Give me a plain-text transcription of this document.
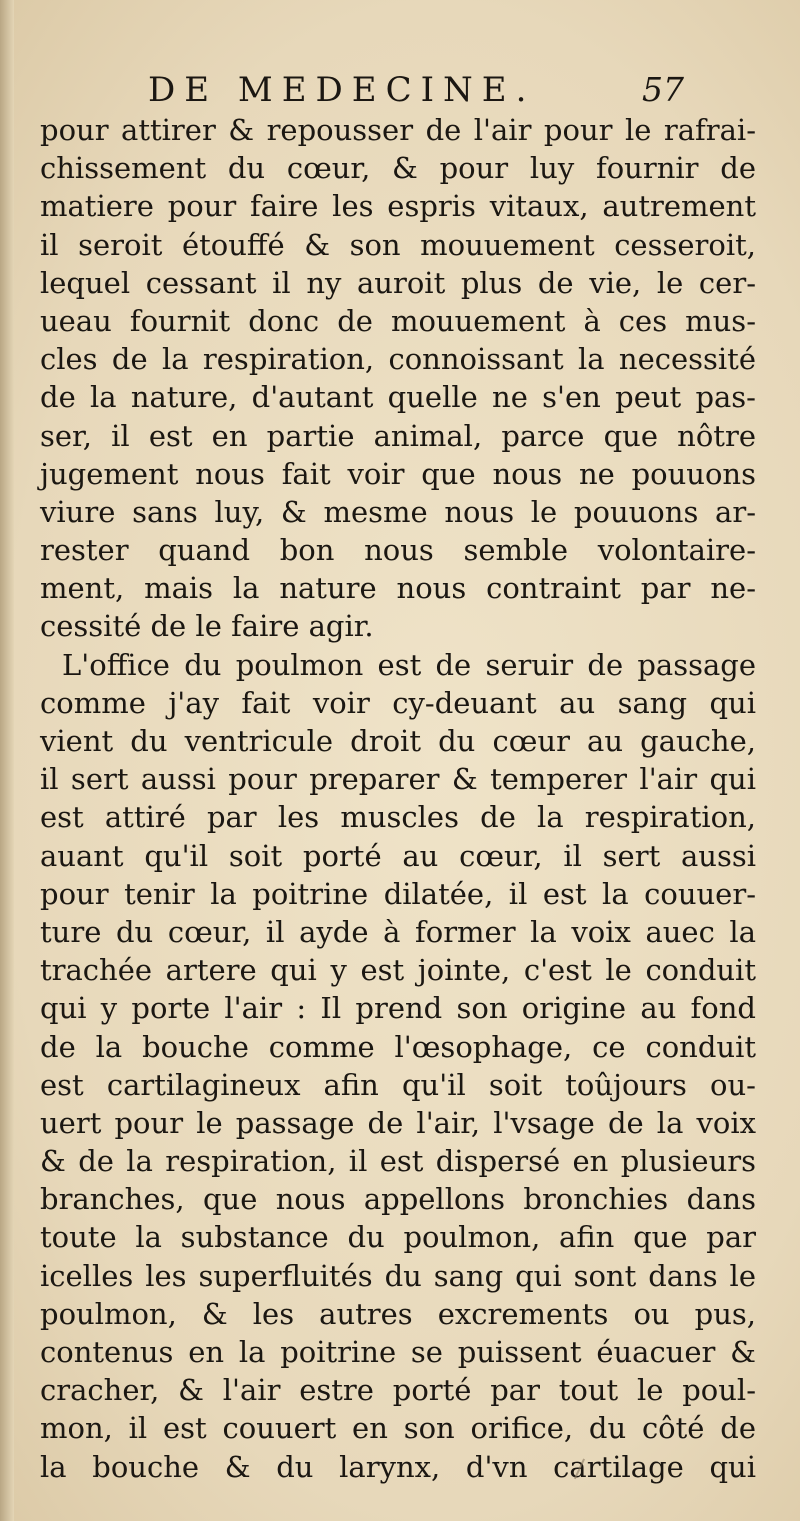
DE MEDECINE.	57
pour attirer & repousser de l'air pour le rafrai-
chissement du cœur, & pour luy fournir de
matiere pour faire les espris vitaux, autrement
il seroit étouffé & son mouuement cesseroit,
lequel cessant il ny auroit plus de vie, le cer-
ueau fournit donc de mouuement à ces mus-
cles de la respiration, connoissant la necessité
de la nature, d'autant quelle ne s'en peut pas-
ser, il est en partie animal, parce que nôtre
jugement nous fait voir que nous ne pouuons
viure sans luy, & mesme nous le pouuons ar-
rester quand bon nous semble volontaire-
ment, mais la nature nous contraint par ne-
cessité de le faire agir.
L'office du poulmon est de seruir de passage
comme j'ay fait voir cy-deuant au sang qui
vient du ventricule droit du cœur au gauche,
il sert aussi pour preparer & temperer l'air qui
est attiré par les muscles de la respiration,
auant qu'il soit porté au cœur, il sert aussi
pour tenir la poitrine dilatée, il est la couuer-
ture du cœur, il ayde à former la voix auec la
trachée artere qui y est jointe, c'est le conduit
qui y porte l'air : Il prend son origine au fond
de la bouche comme l'œsophage, ce conduit
est cartilagineux afin qu'il soit toûjours ou-
uert pour le passage de l'air, l'vsage de la voix
& de la respiration, il est dispersé en plusieurs
branches, que nous appellons bronchies dans
toute la substance du poulmon, afin que par
icelles les superfluités du sang qui sont dans le
poulmon, & les autres excrements ou pus,
contenus en la poitrine se puissent éuacuer &
cracher, & l'air estre porté par tout le poul-
mon, il est couuert en son orifice, du côté de
la bouche & du larynx, d'vn cartilage qui
